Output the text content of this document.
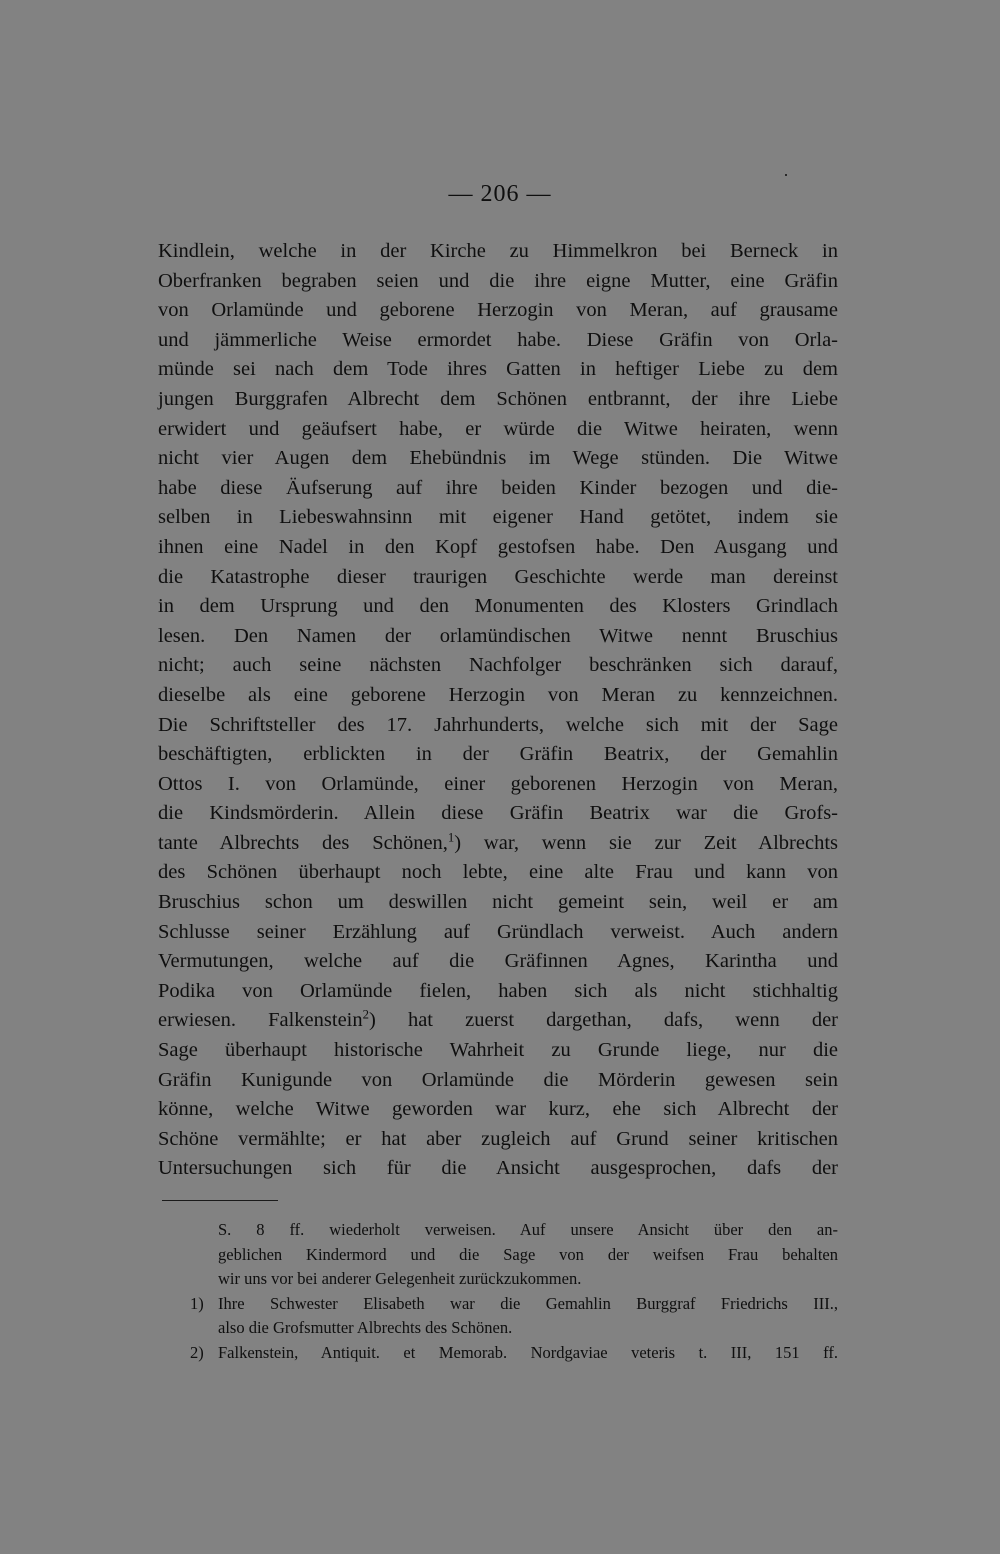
— 206 —
Kindlein, welche in der Kirche zu Himmelkron bei Berneck in
Oberfranken begraben seien und die ihre eigne Mutter, eine Gräfin
von Orlamünde und geborene Herzogin von Meran, auf grausame
und jämmerliche Weise ermordet habe. Diese Gräfin von Orla-
münde sei nach dem Tode ihres Gatten in heftiger Liebe zu dem
jungen Burggrafen Albrecht dem Schönen entbrannt, der ihre Liebe
erwidert und geäufsert habe, er würde die Witwe heiraten, wenn
nicht vier Augen dem Ehebündnis im Wege stünden. Die Witwe
habe diese Äufserung auf ihre beiden Kinder bezogen und die-
selben in Liebeswahnsinn mit eigener Hand getötet, indem sie
ihnen eine Nadel in den Kopf gestofsen habe. Den Ausgang und
die Katastrophe dieser traurigen Geschichte werde man dereinst
in dem Ursprung und den Monumenten des Klosters Grindlach
lesen. Den Namen der orlamündischen Witwe nennt Bruschius
nicht; auch seine nächsten Nachfolger beschränken sich darauf,
dieselbe als eine geborene Herzogin von Meran zu kennzeichnen.
Die Schriftsteller des 17. Jahrhunderts, welche sich mit der Sage
beschäftigten, erblickten in der Gräfin Beatrix, der Gemahlin
Ottos I. von Orlamünde, einer geborenen Herzogin von Meran,
die Kindsmörderin. Allein diese Gräfin Beatrix war die Grofs-
tante Albrechts des Schönen,$^1$) war, wenn sie zur Zeit Albrechts
des Schönen überhaupt noch lebte, eine alte Frau und kann von
Bruschius schon um deswillen nicht gemeint sein, weil er am
Schlusse seiner Erzählung auf Gründlach verweist. Auch andern
Vermutungen, welche auf die Gräfinnen Agnes, Karintha und
Podika von Orlamünde fielen, haben sich als nicht stichhaltig
erwiesen. Falkenstein$^2$) hat zuerst dargethan, dafs, wenn der
Sage überhaupt historische Wahrheit zu Grunde liege, nur die
Gräfin Kunigunde von Orlamünde die Mörderin gewesen sein
könne, welche Witwe geworden war kurz, ehe sich Albrecht der
Schöne vermählte; er hat aber zugleich auf Grund seiner kritischen
Untersuchungen sich für die Ansicht ausgesprochen, dafs der
S. 8 ff. wiederholt verweisen. Auf unsere Ansicht über den an-
geblichen Kindermord und die Sage von der weifsen Frau behalten
wir uns vor bei anderer Gelegenheit zurückzukommen.
1) Ihre Schwester Elisabeth war die Gemahlin Burggraf Friedrichs III.,
also die Grofsmutter Albrechts des Schönen.
2) Falkenstein, Antiquit. et Memorab. Nordgaviae veteris t. III, 151 ff.
